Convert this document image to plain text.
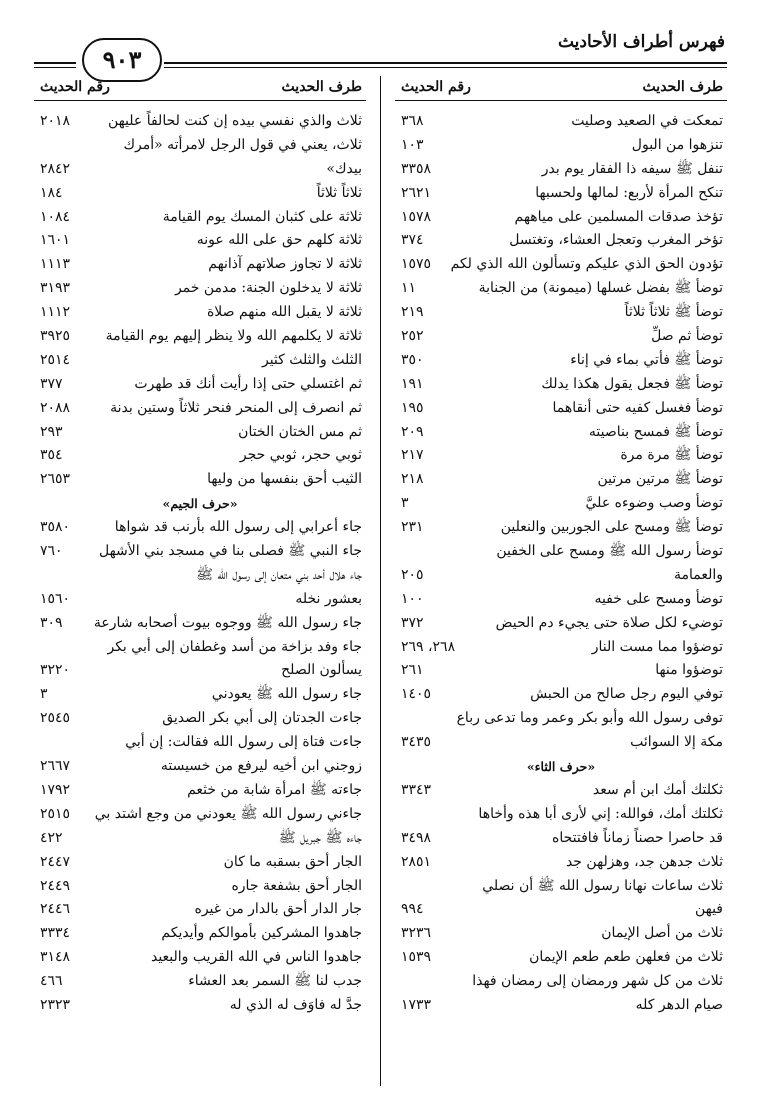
فهرس أطراف الأحاديث
٩٠٣
طرف الحديث
رقم الحديث
تمعكت في الصعيد وصليت
٣٦٨
تنزهوا من البول
١٠٣
تنفل ﷺ سيفه ذا الفقار يوم بدر
٣٣٥٨
تنكح المرأة لأربع: لمالها ولحسبها
٢٦٢١
تؤخذ صدقات المسلمين على مياههم
١٥٧٨
تؤخر المغرب وتعجل العشاء، وتغتسل
٣٧٤
تؤدون الحق الذي عليكم وتسألون الله الذي لكم
١٥٧٥
توضأ ﷺ بفضل غسلها (ميمونة) من الجنابة
١١
توضأ ﷺ ثلاثاً ثلاثاً
٢١٩
توضأ ثم صلِّ
٢٥٢
توضأ ﷺ فأتي بماء في إناء
٣٥٠
توضأ ﷺ فجعل يقول هكذا يدلك
١٩١
توضأ فغسل كفيه حتى أنقاهما
١٩٥
توضأ ﷺ فمسح بناصيته
٢٠٩
توضأ ﷺ مرة مرة
٢١٧
توضأ ﷺ مرتين مرتين
٢١٨
توضأ وصب وضوءه عليَّ
٣
توضأ ﷺ ومسح على الجوربين والنعلين
٢٣١
توضأ رسول الله ﷺ ومسح على الخفين
والعمامة
٢٠٥
توضأ ومسح على خفيه
١٠٠
توضيء لكل صلاة حتى يجيء دم الحيض
٣٧٢
توضؤوا مما مست النار
٢٦٨، ٢٦٩
توضؤوا منها
٢٦١
توفي اليوم رجل صالح من الحبش
١٤٠٥
توفى رسول الله وأبو بكر وعمر وما تدعى رباع
مكة إلا السوائب
٣٤٣٥
«حرف الثاء»
ثكلتك أمك ابن أم سعد
٣٣٤٣
ثكلتك أمك، فوالله: إني لأرى أبا هذه وأخاها
قد حاصرا حصناً زماناً فافتتحاه
٣٤٩٨
ثلاث جدهن جد، وهزلهن جد
٢٨٥١
ثلاث ساعات نهانا رسول الله ﷺ أن نصلي
فيهن
٩٩٤
ثلاث من أصل الإيمان
٣٢٣٦
ثلاث من فعلهن طعم طعم الإيمان
١٥٣٩
ثلاث من كل شهر ورمضان إلى رمضان فهذا
صيام الدهر كله
١٧٣٣
طرف الحديث
رقم الحديث
ثلاث والذي نفسي بيده إن كنت لحالفاً عليهن
٢٠١٨
ثلاث، يعني في قول الرجل لامرأته «أمرك
بيدك»
٢٨٤٢
ثلاثاً ثلاثاً
١٨٤
ثلاثة على كثبان المسك يوم القيامة
١٠٨٤
ثلاثة كلهم حق على الله عونه
١٦٠١
ثلاثة لا تجاوز صلاتهم آذانهم
١١١٣
ثلاثة لا يدخلون الجنة: مدمن خمر
٣١٩٣
ثلاثة لا يقبل الله منهم صلاة
١١١٢
ثلاثة لا يكلمهم الله ولا ينظر إليهم يوم القيامة
٣٩٢٥
الثلث والثلث كثير
٢٥١٤
ثم اغتسلي حتى إذا رأيت أنك قد طهرت
٣٧٧
ثم انصرف إلى المنحر فنحر ثلاثاً وستين بدنة
٢٠٨٨
ثم مس الختان الختان
٢٩٣
ثوبي حجر، ثوبي حجر
٣٥٤
الثيب أحق بنفسها من وليها
٢٦٥٣
«حرف الجيم»
جاء أعرابي إلى رسول الله بأرنب قد شواها
٣٥٨٠
جاء النبي ﷺ فصلى بنا في مسجد بني الأشهل
٧٦٠
جاء هلال أحد بني متعان إلى رسول الله ﷺ
بعشور نخله
١٥٦٠
جاء رسول الله ﷺ ووجوه بيوت أصحابه شارعة
٣٠٩
جاء وفد بزاخة من أسد وغطفان إلى أبي بكر
يسألون الصلح
٣٢٢٠
جاء رسول الله ﷺ يعودني
٣
جاءت الجدتان إلى أبي بكر الصديق
٢٥٤٥
جاءت فتاة إلى رسول الله فقالت: إن أبي
زوجني ابن أخيه ليرفع من خسيسته
٢٦٦٧
جاءته ﷺ امرأة شابة من خثعم
١٧٩٢
جاءني رسول الله ﷺ يعودني من وجع اشتد بي
٢٥١٥
جاءه ﷺ جبريل ﷺ
٤٢٢
الجار أحق بسقبه ما كان
٢٤٤٧
الجار أحق بشفعة جاره
٢٤٤٩
جار الدار أحق بالدار من غيره
٢٤٤٦
جاهدوا المشركين بأموالكم وأيديكم
٣٣٣٤
جاهدوا الناس في الله القريب والبعيد
٣١٤٨
جدب لنا ﷺ السمر بعد العشاء
٤٦٦
جدَّ له فاوَف له الذي له
٢٣٢٣
